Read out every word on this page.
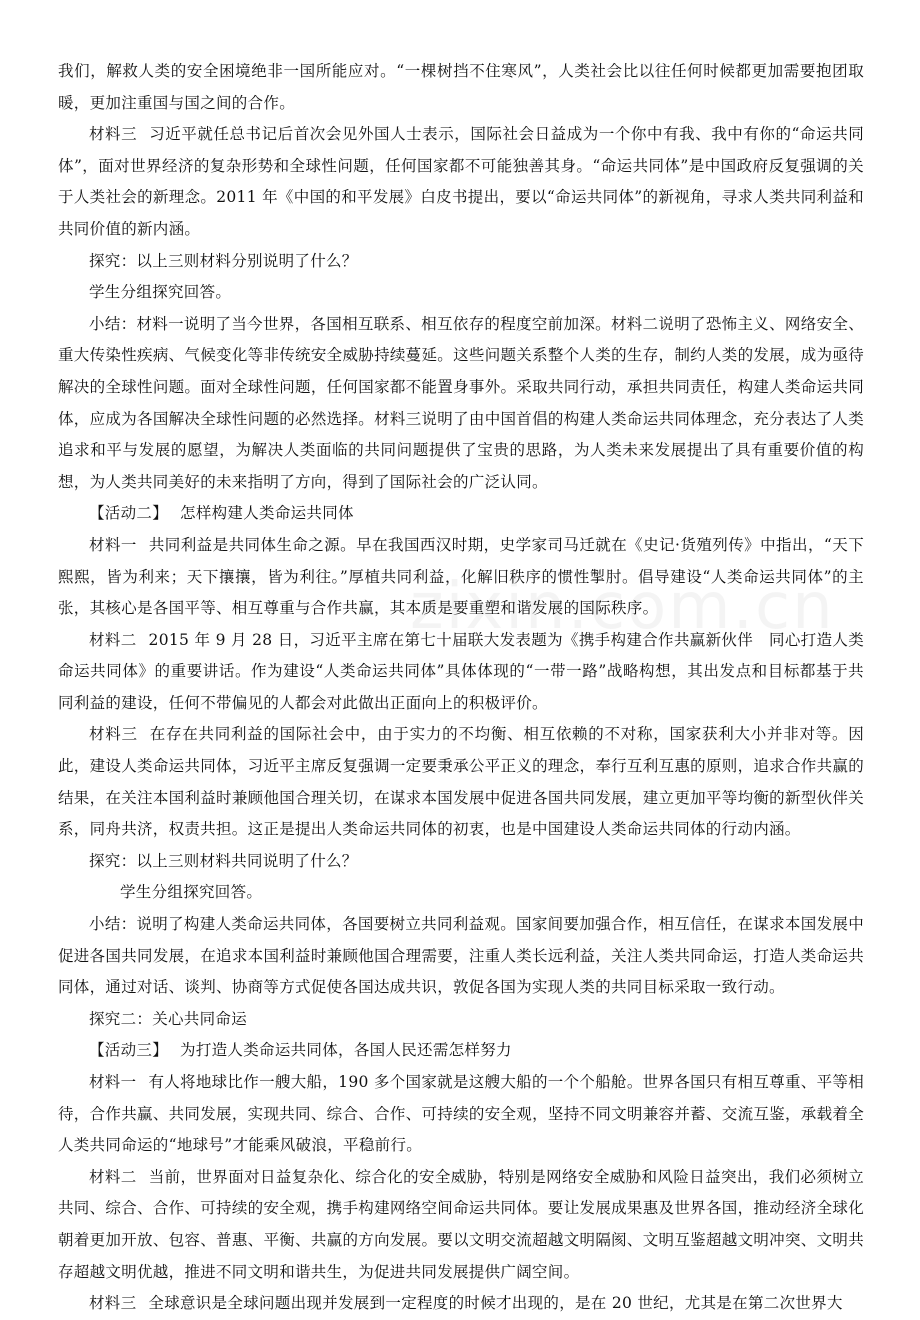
我们，解救人类的安全困境绝非一国所能应对。“一棵树挡不住寒风”，人类社会比以往任何时候都更加需要抱团取暖，更加注重国与国之间的合作。

材料三 习近平就任总书记后首次会见外国人士表示，国际社会日益成为一个你中有我、我中有你的“命运共同体”，面对世界经济的复杂形势和全球性问题，任何国家都不可能独善其身。“命运共同体”是中国政府反复强调的关于人类社会的新理念。2011 年《中国的和平发展》白皮书提出，要以“命运共同体”的新视角，寻求人类共同利益和共同价值的新内涵。

探究：以上三则材料分别说明了什么？

学生分组探究回答。

小结：材料一说明了当今世界，各国相互联系、相互依存的程度空前加深。材料二说明了恐怖主义、网络安全、重大传染性疾病、气候变化等非传统安全威胁持续蔓延。这些问题关系整个人类的生存，制约人类的发展，成为亟待解决的全球性问题。面对全球性问题，任何国家都不能置身事外。采取共同行动，承担共同责任，构建人类命运共同体，应成为各国解决全球性问题的必然选择。材料三说明了由中国首倡的构建人类命运共同体理念，充分表达了人类追求和平与发展的愿望，为解决人类面临的共同问题提供了宝贵的思路，为人类未来发展提出了具有重要价值的构想，为人类共同美好的未来指明了方向，得到了国际社会的广泛认同。

【活动二】 怎样构建人类命运共同体

材料一 共同利益是共同体生命之源。早在我国西汉时期，史学家司马迁就在《史记·货殖列传》中指出，“天下熙熙，皆为利来；天下攘攘，皆为利往。”厚植共同利益，化解旧秩序的惯性掣肘。倡导建设“人类命运共同体”的主张，其核心是各国平等、相互尊重与合作共赢，其本质是要重塑和谐发展的国际秩序。

材料二 2015 年 9 月 28 日，习近平主席在第七十届联大发表题为《携手构建合作共赢新伙伴　同心打造人类命运共同体》的重要讲话。作为建设“人类命运共同体”具体体现的“一带一路”战略构想，其出发点和目标都基于共同利益的建设，任何不带偏见的人都会对此做出正面向上的积极评价。

材料三 在存在共同利益的国际社会中，由于实力的不均衡、相互依赖的不对称，国家获利大小并非对等。因此，建设人类命运共同体，习近平主席反复强调一定要秉承公平正义的理念，奉行互利互惠的原则，追求合作共赢的结果，在关注本国利益时兼顾他国合理关切，在谋求本国发展中促进各国共同发展，建立更加平等均衡的新型伙伴关系，同舟共济，权责共担。这正是提出人类命运共同体的初衷，也是中国建设人类命运共同体的行动内涵。

探究：以上三则材料共同说明了什么？

学生分组探究回答。

小结：说明了构建人类命运共同体，各国要树立共同利益观。国家间要加强合作，相互信任，在谋求本国发展中促进各国共同发展，在追求本国利益时兼顾他国合理需要，注重人类长远利益，关注人类共同命运，打造人类命运共同体，通过对话、谈判、协商等方式促使各国达成共识，敦促各国为实现人类的共同目标采取一致行动。

探究二：关心共同命运

【活动三】 为打造人类命运共同体，各国人民还需怎样努力

材料一 有人将地球比作一艘大船，190 多个国家就是这艘大船的一个个船舱。世界各国只有相互尊重、平等相待，合作共赢、共同发展，实现共同、综合、合作、可持续的安全观，坚持不同文明兼容并蓄、交流互鉴，承载着全人类共同命运的“地球号”才能乘风破浪，平稳前行。

材料二 当前，世界面对日益复杂化、综合化的安全威胁，特别是网络安全威胁和风险日益突出，我们必须树立共同、综合、合作、可持续的安全观，携手构建网络空间命运共同体。要让发展成果惠及世界各国，推动经济全球化朝着更加开放、包容、普惠、平衡、共赢的方向发展。要以文明交流超越文明隔阂、文明互鉴超越文明冲突、文明共存超越文明优越，推进不同文明和谐共生，为促进共同发展提供广阔空间。

材料三 全球意识是全球问题出现并发展到一定程度的时候才出现的，是在 20 世纪，尤其是在第二次世界大
